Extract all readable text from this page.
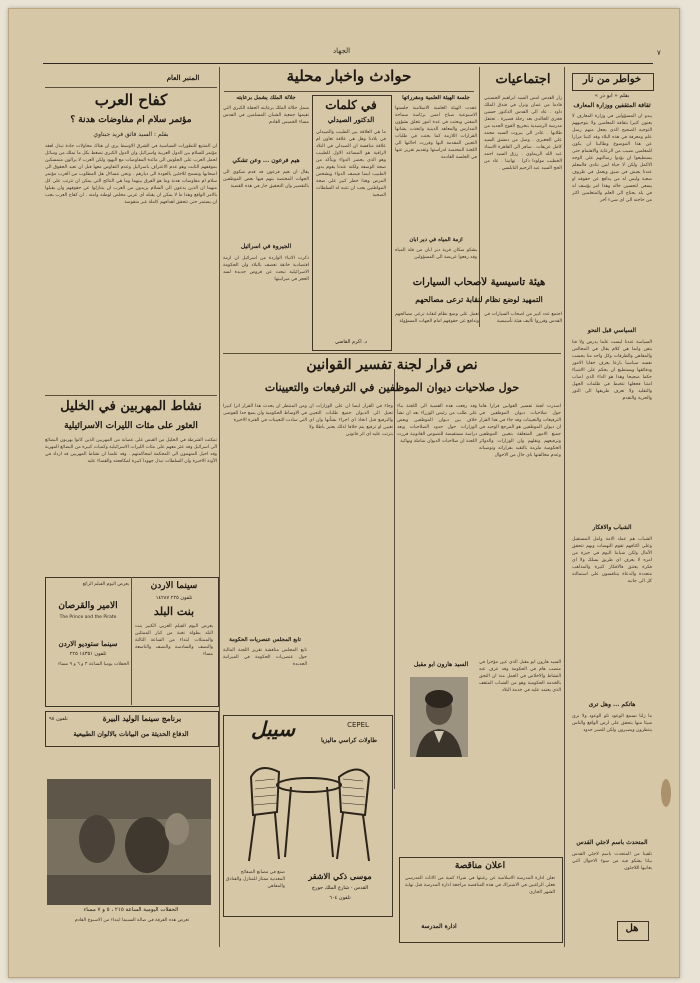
٧
الجهاد
خواطر من نار
بقلم « أبو ذر »
ثقافة المثقفين ووزارة المعارف
يبدو ان المسؤولين في وزارة المعارف لا يعنون كثيرا بثقافة المعلمين ولا بتوجيههم التوجيه الصحيح الذي يجعل منهم رسل علم ومعرفة في هذه البلاد وقد كتبنا مرارا عن هذا الموضوع وطالبنا ان يكون للمعلمين نصيب من الرعاية والاهتمام حتى يستطيعوا ان يؤدوا رسالتهم على الوجه الاكمل ولكن لا حياة لمن تنادي فالمعلم عندنا يعيش في ضيق ويعمل في ظروف صعبة وليس له من يدافع عن حقوقه او يسعى لتحسين حاله وهذا امر يؤسف له في بلد يحتاج الى العلم والمتعلمين اكثر من حاجته الى اي شيء آخر
السياسي قبل النحو
السياسة عندنا ليست علما يدرس ولا فنا يتقن وانما هي كلام يقال في المجالس والمقاهي والطرقات وكل واحد منا يحسب نفسه سياسيا بارعا يعرف خفايا الامور ودقائقها ويستطيع ان يحكم على الاشياء حكما صحيحا وهذا هو الداء الذي اصاب امتنا فجعلها تتخبط في ظلمات الجهل والتقليد ولا تعرف طريقها الى النور والحرية والتقدم
الشباب والافكار
الشباب هم عماد الامة وامل المستقبل وعلى اكتافهم تقوم النهضات وبهم تتحقق الآمال ولكن شبابنا اليوم في حيرة من امره لا يعرف اي طريق يسلك ولا اي فكرة يعتنق فالافكار كثيرة والمذاهب متعددة والدعاة يتنافسون على استمالته كل الى جانبه
هاتكم ... وهل ترى
ما زلنا نسمع الوعود تلو الوعود ولا نرى شيئا منها يتحقق على ارض الواقع والناس ينتظرون ويصبرون ولكن للصبر حدود
المتحدث باسم لاجئي القدس
تلقينا من المتحدث باسم لاجئي القدس بيانا يشكو فيه من سوء الاحوال التي يعانيها اللاجئون
هل
اجتماعيات
زار القدس امس السيد ابراهيم الحسيني قادما من عمان ونزل في فندق الملك داود . عاد الى القدس الدكتور حسين فخري الخالدي بعد رحلة قصيرة . تحتفل مدرسة الرشيدية بتخريج الفوج الجديد من طلابها . غادر الى بيروت السيد محمد علي الجعبري . وصل من دمشق السيد كامل عريقات . سافر الى القاهرة الاستاذ عبد الله الريماوي . رزق السيد احمد الخطيب مولودا ذكرا . تهانينا . عاد من الحج السيد عبد الرحيم النابلسي .
حوادث واخبار محلية
جلسة الهيئة العلمية ومقرراتها
عقدت الهيئة العلمية الاسلامية جلستها الاسبوعية صباح امس برئاسة سماحة المفتي وبحثت في عدة امور تتعلق بشؤون المدارس والمعاهد الدينية واتخذت بشانها القرارات اللازمة كما بحثت في طلبات التعيين المقدمة اليها وقررت احالتها الى اللجنة المختصة لدراستها وتقديم تقرير عنها في الجلسة القادمة
ازمة المياه في دير ابان
يشكو سكان قرية دير ابان من قلة المياه وقد رفعوا عريضة الى المسؤولين
في كلمات
الدكتور الصيدلي
ما هي العلاقة بين الطبيب والصيدلي في بلادنا وهل هي علاقة تعاون ام علاقة منافسة ان الصيدلي في البلاد الراقية هو المساعد الاول للطبيب وهو الذي يحضر الدواء ويتأكد من صحة الوصفة ولكنه عندنا يقوم بدور الطبيب ايضا فيصف الدواء ويشخص المرض وهذا خطر كبير على صحة المواطنين يجب ان تتنبه له السلطات الصحية
د. اكرم القاضي
جلالة الملك يشمل برعايته
شمل جلالة الملك برعايته الحفلة الكبرى التي تقيمها جمعية الشبان المسلمين في القدس مساء الخميس القادم
هيم فرعون ... وعن تشكي
يقال ان هيم فرعون قد قدم شكوى الى الجهات المختصة يتهم فيها بعض الموظفين بالتقصير وان التحقيق جار في هذه القضية
الجيروة في اسرائيل
ذكرت الانباء الواردة من اسرائيل ان ازمة اقتصادية خانقة تعصف بالبلاد وان الحكومة الاسرائيلية تبحث عن قروض جديدة لسد العجز في ميزانيتها	هيئة تأسيسية لأصحاب السيارات
التمهيد لوضع نظام لنقابة ترعى مصالحهم
اجتمع عدد كبير من اصحاب السيارات في القدس وقرروا تأليف هيئة تأسيسية
تعمل على وضع نظام لنقابة ترعى مصالحهم وتدافع عن حقوقهم امام الجهات المسؤولة
نص قرار لجنة تفسير القوانين
حول صلاحيات ديوان الموظفين في الترفيعات والتعيينات
اصدرت لجنة تفسير القوانين قرارا هاما حول صلاحيات ديوان الموظفين في الترفيعات والتعيينات وقد جاء في هذا القرار ان ديوان الموظفين هو المرجع الوحيد في جميع الامور المتعلقة بتعيين الموظفين وترفيعهم ونقلهم وان الوزارات والدوائر الحكومية ملزمة بالتقيد بقراراته وتوصياته وعدم مخالفتها باي حال من الاحوال
وقد رفعت هذه القضية الى اللجنة بناء على طلب من رئيس الوزراء بعد ان نشأ خلاف بين ديوان الموظفين وبعض الوزارات حول حدود الصلاحيات وبعد دراسة مستفيضة للنصوص القانونية قررت اللجنة ان صلاحيات الديوان شاملة ونهائية
وجاء في القرار ايضا ان على الوزارات ان تحيل الى الديوان جميع طلبات التعيين والترفيع قبل اتخاذ اي اجراء بشأنها وان اي تعيين او ترفيع يتم خلافا لذلك يعتبر باطلا ولا يترتب عليه اي اثر قانوني
ومن المنتظر ان يحدث هذا القرار اثرا كبيرا في الاوساط الحكومية وان يضع حدا للفوضى التي سادت التعيينات في الفترة الاخيرة
تابع المجلس عنصريات الحكومة
تابع المجلس مناقشة تقرير اللجنة المالية حول عنصريات الحكومة في الميزانية الجديدة	السيد هارون ابو مقبل	السيد هارون ابو مقبل الذي عين مؤخرا في منصب هام في الحكومة وقد عرف عنه النشاط والاخلاص في العمل منذ ان التحق بالخدمة الحكومية وهو من الشباب المثقف الذي يعتمد عليه في خدمة البلاد
سيبل	CEPEL
طاولات كراسي ماليزيا
صنع في مصانع الصفائح المعدنية ممتاز للمنازل والفنادق والمقاهي
موسى ذكي الاشقر
القدس - شارع الملك جورج
تلفون ٦٠٤
اعلان مناقصة
تعلن ادارة المدرسة الاسلامية عن رغبتها في شراء كمية من الاثاث المدرسي فعلى الراغبين في الاشتراك في هذه المناقصة مراجعة ادارة المدرسة قبل نهاية الشهر الجاري
ادارة المدرسة
المنبر العام
كفاح العرب
مؤتمر سلام أم مفاوضات هدنة ؟
بقلم : السيد فائق فريد جبتاوي
ان المتتبع للتطورات السياسية في الشرق الاوسط يرى ان هناك محاولات جادة تبذل لعقد مؤتمر للسلام بين الدول العربية واسرائيل وان الدول الكبرى تضغط بكل ما تملك من وسائل لحمل العرب على الجلوس الى مائدة المفاوضات مع اليهود ولكن العرب لا يزالون متمسكين بموقفهم الثابت وهو عدم الاعتراف باسرائيل وعدم التفاوض معها قبل ان تعيد الحقوق الى اصحابها وتسمح للاجئين بالعودة الى ديارهم . ونحن نتساءل هل المطلوب من العرب مؤتمر سلام ام مفاوضات هدنة وما هو الفرق بينهما وما هي النتائج التي يمكن ان تترتب على كل منهما ان الذين يدعون الى السلام يريدون من العرب ان يتنازلوا عن حقوقهم وان يقبلوا بالامر الواقع وهذا ما لا يمكن ان يقبله اي عربي مخلص لوطنه وامته . ان كفاح العرب يجب ان يستمر حتى تتحقق اهدافهم كاملة غير منقوصة
نشاط المهربين في الخليل
العثور على مئات الليرات الاسرائيلية
تمكنت الشرطة في الخليل من القبض على عصابة من المهربين الذين كانوا يهربون البضائع الى اسرائيل وقد عثر معهم على مئات الليرات الاسرائيلية وكميات كبيرة من البضائع المهربة وقد احيل المتهمون الى المحكمة لمحاكمتهم . وقد علمنا ان نشاط المهربين قد ازداد في الآونة الاخيرة وان السلطات تبذل جهودا كبيرة لمكافحته والقضاء عليه
سينما الاردن
تلفون ٢٢٥ ١٤٢٨٧
بنت البلد
يعرض اليوم الفيلم العربي الكبير بنت البلد بطولة نخبة من كبار الممثلين والممثلات ابتداء من الساعة الثالثة والنصف والسادسة والنصف والتاسعة مساء
يعرض اليوم الفيلم الرائع
الامير والقرصان
The Prince and the Pirate
سينما ستوديو الاردن
تلفون ١٤٣٥١ ٢٢٥
الحفلات يوميا الساعة ٣ و ٦ و ٩ مساء
برنامج سينما الوليد البيرة
تلفون ٩٨
الدفاع الحديثة من البيانات بالالوان الطبيعية
الحفلات اليومية الساعة ٢١٥ ، ٥ و ٧ مساء
تعرض هذه الفرقة في صالة السينما ابتداء من الاسبوع القادم
